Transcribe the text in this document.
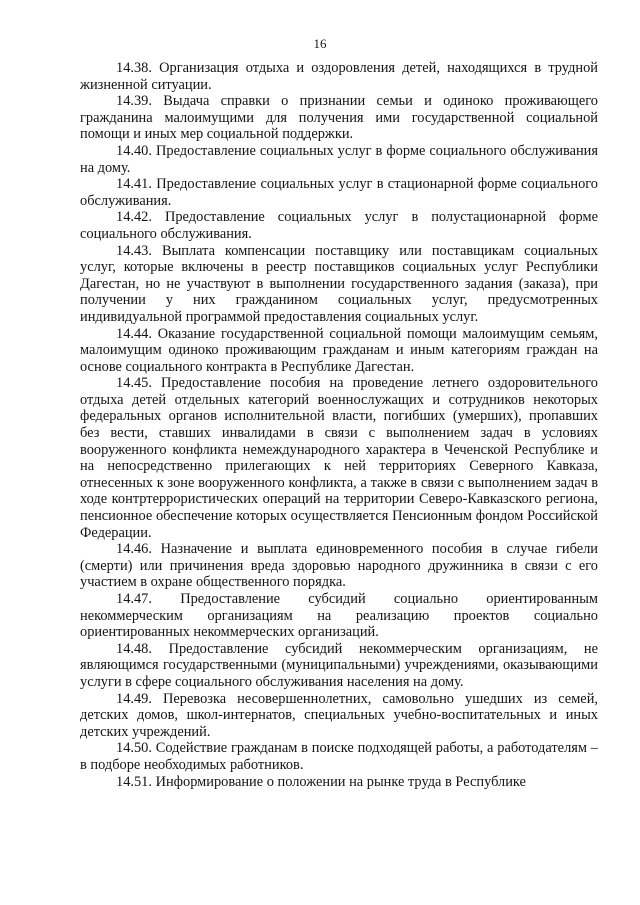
16

14.38. Организация отдыха и оздоровления детей, находящихся в трудной жизненной ситуации.

14.39. Выдача справки о признании семьи и одиноко проживающего гражданина малоимущими для получения ими государственной социальной помощи и иных мер социальной поддержки.

14.40. Предоставление социальных услуг в форме социального обслуживания на дому.

14.41. Предоставление социальных услуг в стационарной форме социального обслуживания.

14.42. Предоставление социальных услуг в полустационарной форме социального обслуживания.

14.43. Выплата компенсации поставщику или поставщикам социальных услуг, которые включены в реестр поставщиков социальных услуг Республики Дагестан, но не участвуют в выполнении государственного задания (заказа), при получении у них гражданином социальных услуг, предусмотренных индивидуальной программой предоставления социальных услуг.

14.44. Оказание государственной социальной помощи малоимущим семьям, малоимущим одиноко проживающим гражданам и иным категориям граждан на основе социального контракта в Республике Дагестан.

14.45. Предоставление пособия на проведение летнего оздоровительного отдыха детей отдельных категорий военнослужащих и сотрудников некоторых федеральных органов исполнительной власти, погибших (умерших), пропавших без вести, ставших инвалидами в связи с выполнением задач в условиях вооруженного конфликта немеждународного характера в Чеченской Республике и на непосредственно прилегающих к ней территориях Северного Кавказа, отнесенных к зоне вооруженного конфликта, а также в связи с выполнением задач в ходе контртеррористических операций на территории Северо-Кавказского региона, пенсионное обеспечение которых осуществляется Пенсионным фондом Российской Федерации.

14.46. Назначение и выплата единовременного пособия в случае гибели (смерти) или причинения вреда здоровью народного дружинника в связи с его участием в охране общественного порядка.

14.47. Предоставление субсидий социально ориентированным некоммерческим организациям на реализацию проектов социально ориентированных некоммерческих организаций.

14.48. Предоставление субсидий некоммерческим организациям, не являющимся государственными (муниципальными) учреждениями, оказывающими услуги в сфере социального обслуживания населения на дому.

14.49. Перевозка несовершеннолетних, самовольно ушедших из семей, детских домов, школ-интернатов, специальных учебно-воспитательных и иных детских учреждений.

14.50. Содействие гражданам в поиске подходящей работы, а работодателям – в подборе необходимых работников.

14.51. Информирование о положении на рынке труда в Республике
